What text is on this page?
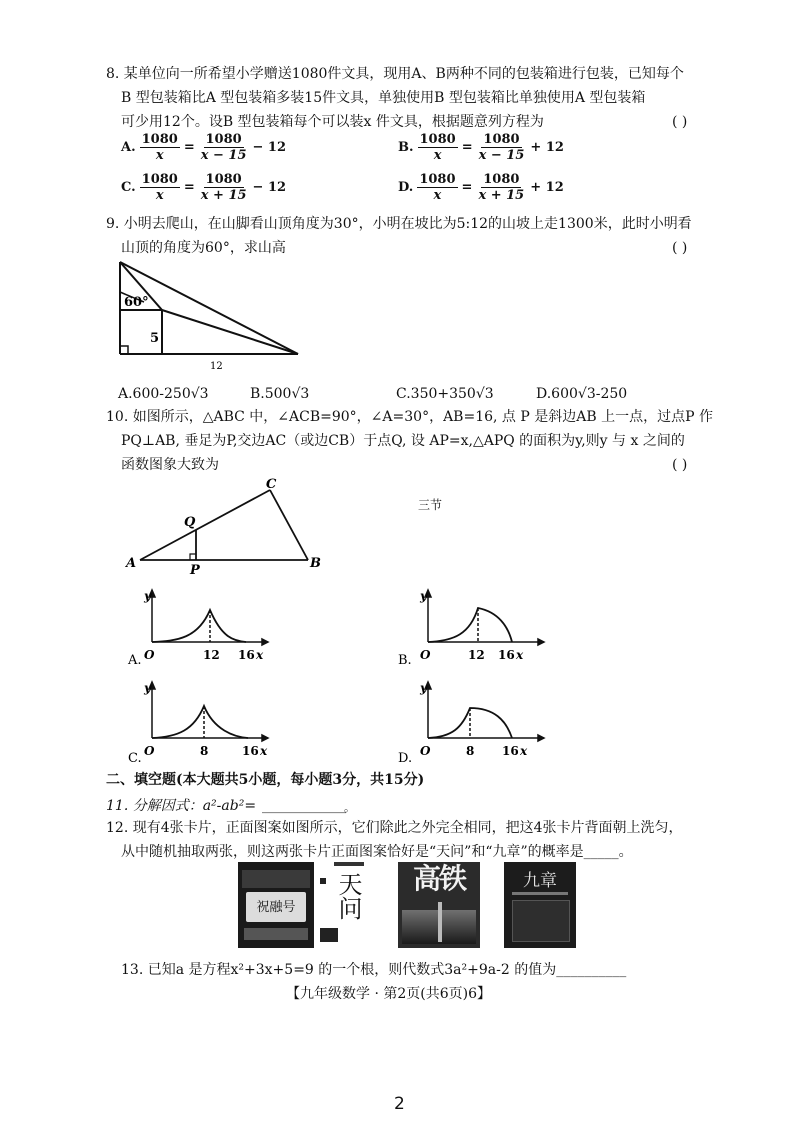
8. 某单位向一所希望小学赠送1080件文具，现用A、B两种不同的包装箱进行包装，已知每个
B 型包装箱比A 型包装箱多装15件文具，单独使用B 型包装箱比单独使用A 型包装箱
可少用12个。设B 型包装箱每个可以装x 件文具，根据题意列方程为	( )
A. $\frac{1080}{x} = \frac{1080}{x - 15} - 12$	B. $\frac{1080}{x} = \frac{1080}{x - 15} + 12$
C. $\frac{1080}{x} = \frac{1080}{x + 15} - 12$	D. $\frac{1080}{x} = \frac{1080}{x + 15} + 12$
9. 小明去爬山，在山脚看山顶角度为30°，小明在坡比为5:12的山坡上走1300米，此时小明看
山顶的角度为60°，求山高	( )
60°
5
12
A.600-250√3	B.500√3	C.350+350√3	D.600√3-250
10. 如图所示，△ABC 中，∠ACB=90°，∠A=30°，AB=16, 点 P 是斜边AB 上一点，过点P 作
PQ⊥AB, 垂足为P,交边AC（或边CB）于点Q, 设 AP=x,△APQ 的面积为y,则y 与 x 之间的
函数图象大致为	( )
A	B
C
P
Q
三节
y
O	12 16 x
A.
y
O	12 16 x
B.
y
O	8	16 x
C.
y
O	8 16 x
D.
二、填空题(本大题共5小题，每小题3分，共15分)
11. 分解因式：a²-ab²= ____________
。
12. 现有4张卡片，正面图案如图所示，它们除此之外完全相同，把这4张卡片背面朝上洗匀，
从中随机抽取两张，则这两张卡片正面图案恰好是“天问”和“九章”的概率是_____。
祝融号	天问	高铁	九章
13. 已知a 是方程x²+3x+5=9 的一个根，则代数式3a²+9a-2 的值为__________
【九年级数学 · 第2页(共6页)6】
2
